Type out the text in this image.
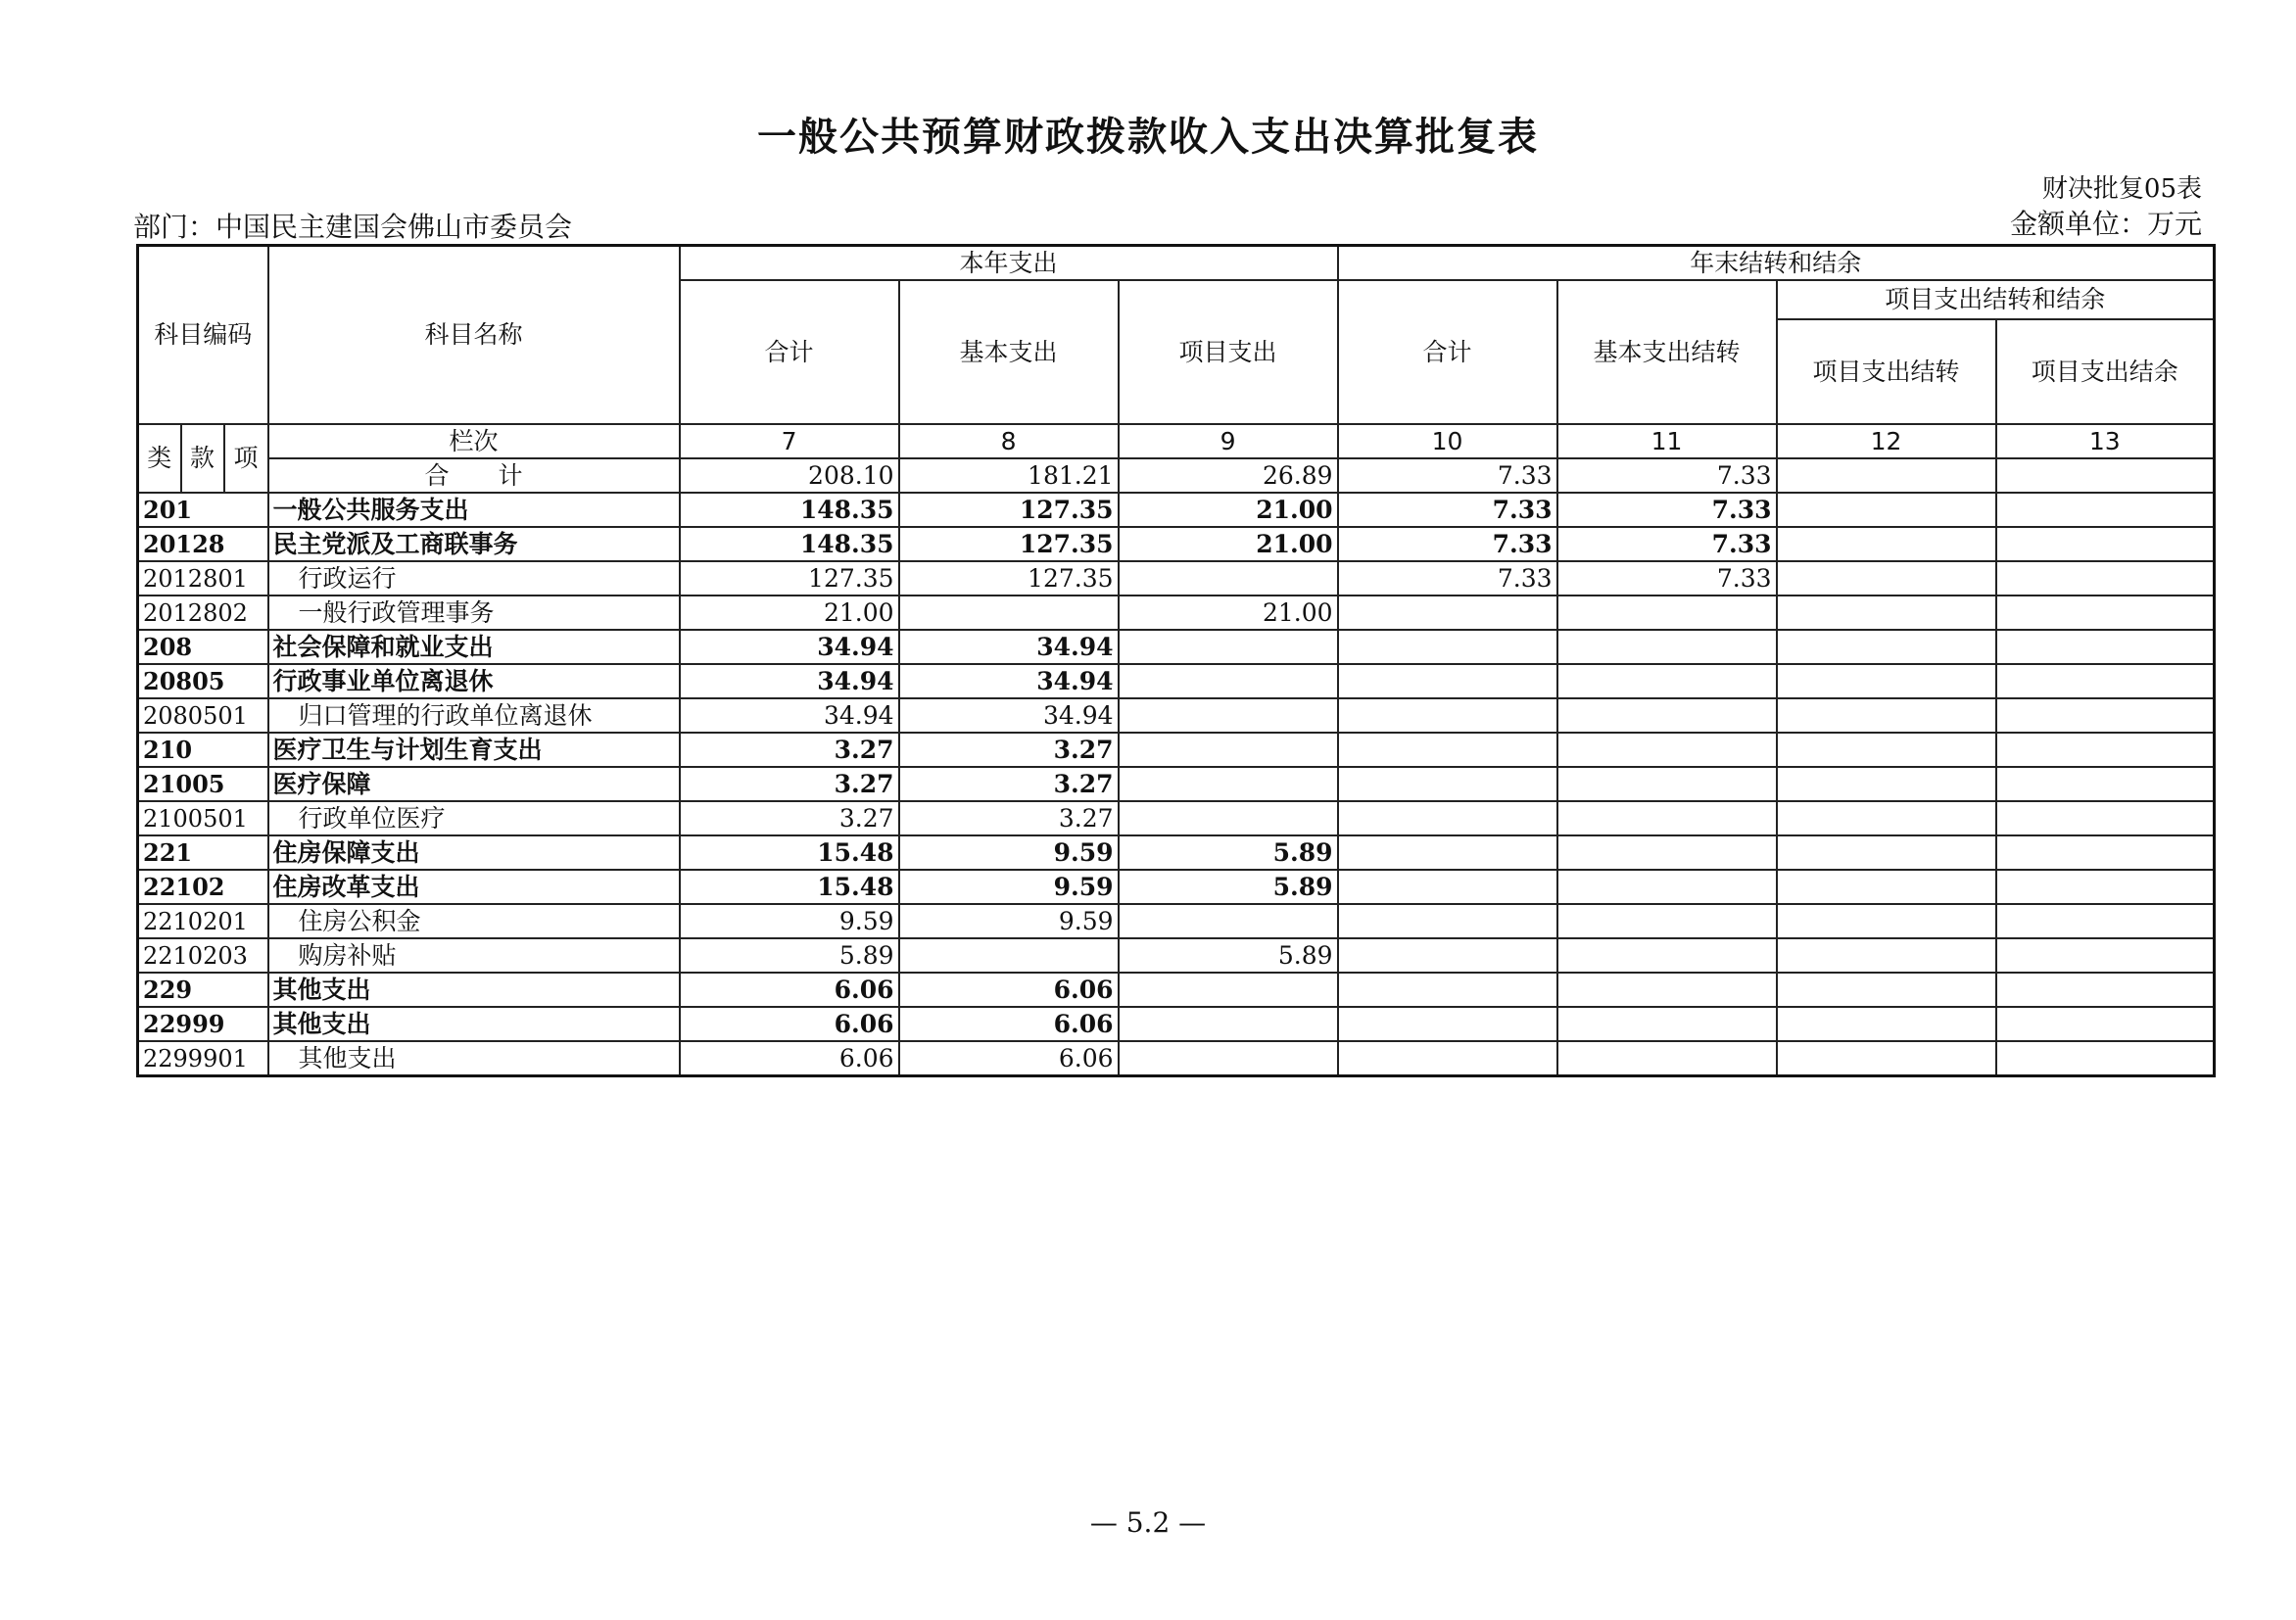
一般公共预算财政拨款收入支出决算批复表
财决批复05表
部门：中国民主建国会佛山市委员会	金额单位：万元
科目编码			科目名称	本年支出			年末结转和结余			
				合计	基本支出	项目支出	合计	基本支出结转	项目支出结转和结余	
									项目支出结转	项目支出结余
类	款	项	栏次	7	8	9	10	11	12	13
			合　　计	208.10	181.21	26.89	7.33	7.33		
201			一般公共服务支出	148.35	127.35	21.00	7.33	7.33		
20128			民主党派及工商联事务	148.35	127.35	21.00	7.33	7.33		
2012801			行政运行	127.35	127.35		7.33	7.33		
2012802			一般行政管理事务	21.00		21.00				
208			社会保障和就业支出	34.94	34.94					
20805			行政事业单位离退休	34.94	34.94					
2080501			归口管理的行政单位离退休	34.94	34.94					
210			医疗卫生与计划生育支出	3.27	3.27					
21005			医疗保障	3.27	3.27					
2100501			行政单位医疗	3.27	3.27					
221			住房保障支出	15.48	9.59	5.89				
22102			住房改革支出	15.48	9.59	5.89				
2210201			住房公积金	9.59	9.59					
2210203			购房补贴	5.89		5.89				
229			其他支出	6.06	6.06					
22999			其他支出	6.06	6.06					
2299901			其他支出	6.06	6.06					
— 5.2 —
